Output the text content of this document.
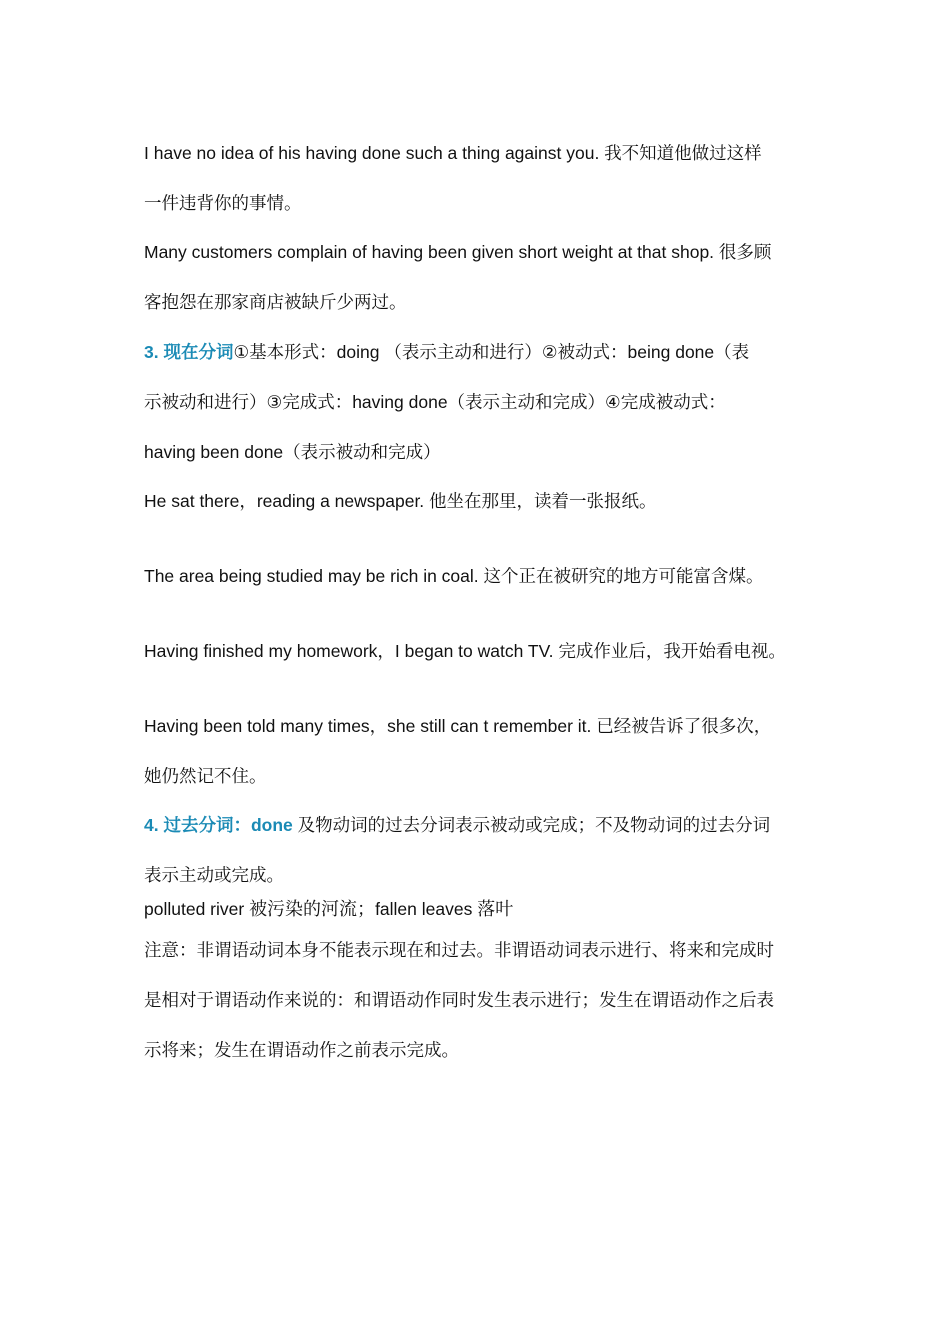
I have no idea of his having done such a thing against you. 我不知道他做过这样
一件违背你的事情。
Many customers complain of having been given short weight at that shop. 很多顾
客抱怨在那家商店被缺斤少两过。
3. 现在分词①基本形式：doing （表示主动和进行）②被动式：being done（表
示被动和进行）③完成式：having done（表示主动和完成）④完成被动式：
having been done（表示被动和完成）
He sat there，reading a newspaper. 他坐在那里，读着一张报纸。
The area being studied may be rich in coal. 这个正在被研究的地方可能富含煤。
Having finished my homework，I began to watch TV. 完成作业后，我开始看电视。
Having been told many times，she still can t remember it. 已经被告诉了很多次，
她仍然记不住。
4. 过去分词：done 及物动词的过去分词表示被动或完成；不及物动词的过去分词
表示主动或完成。
polluted river 被污染的河流；fallen leaves 落叶
注意：非谓语动词本身不能表示现在和过去。非谓语动词表示进行、将来和完成时
是相对于谓语动作来说的：和谓语动作同时发生表示进行；发生在谓语动作之后表
示将来；发生在谓语动作之前表示完成。
